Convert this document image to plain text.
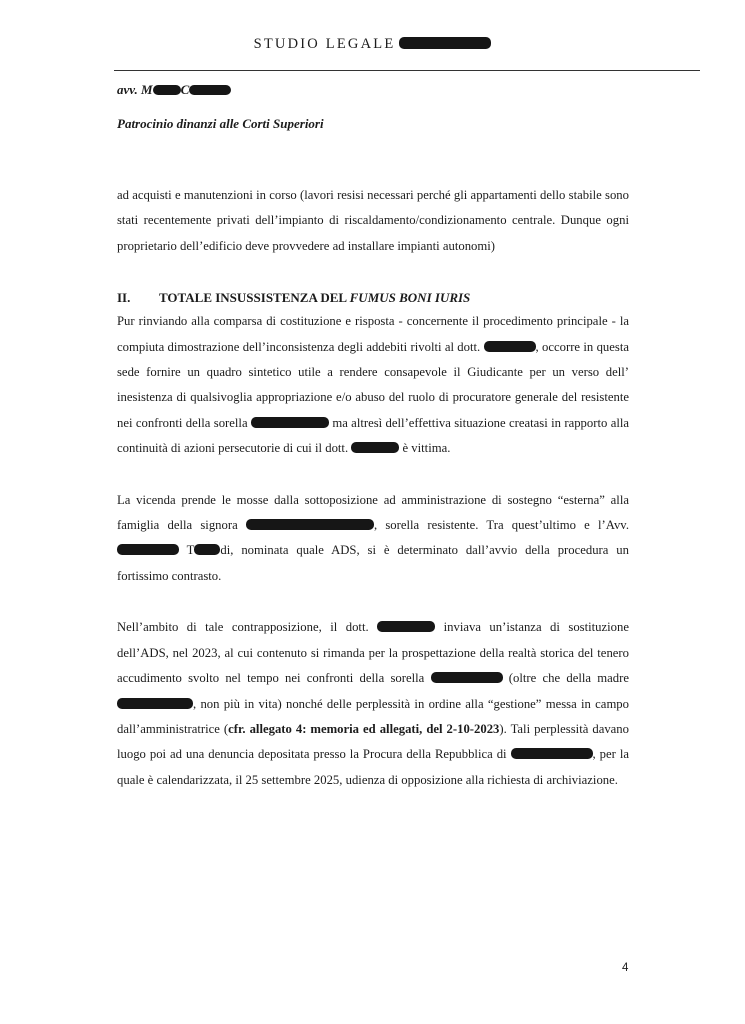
STUDIO LEGALE
avv. M C
Patrocinio dinanzi alle Corti Superiori

ad acquisti e manutenzioni in corso (lavori resisi necessari perché gli appartamenti dello stabile sono stati recentemente privati dell’impianto di riscaldamento/condizionamento centrale. Dunque ogni proprietario dell’edificio deve provvedere ad installare impianti autonomi)

II. TOTALE INSUSSISTENZA DEL FUMUS BONI IURIS

Pur rinviando alla comparsa di costituzione e risposta - concernente il procedimento principale - la compiuta dimostrazione dell’inconsistenza degli addebiti rivolti al dott.	, occorre in questa sede fornire un quadro sintetico utile a rendere consapevole il Giudicante per un verso dell’ inesistenza di qualsivoglia appropriazione e/o abuso del ruolo di procuratore generale del resistente nei confronti della sorella	ma altresì dell’effettiva situazione creatasi in rapporto alla continuità di azioni persecutorie di cui il dott.	è vittima.

La vicenda prende le mosse dalla sottoposizione ad amministrazione di sostegno “esterna” alla famiglia della signora	, sorella resistente. Tra quest’ultimo e l’Avv.  T di, nominata quale ADS, si è determinato dall’avvio della procedura un fortissimo contrasto.

Nell’ambito di tale contrapposizione, il dott.	inviava un’istanza di sostituzione dell’ADS, nel 2023, al cui contenuto si rimanda per la prospettazione della realtà storica del tenero accudimento svolto nel tempo nei confronti della sorella	(oltre che della madre , non più in vita) nonché delle perplessità in ordine alla “gestione” messa in campo dall’amministratrice (cfr. allegato 4: memoria ed allegati, del 2-10-2023). Tali perplessità davano luogo poi ad una denuncia depositata presso la Procura della Repubblica di	, per la quale è calendarizzata, il 25 settembre 2025, udienza di opposizione alla richiesta di archiviazione.

4
